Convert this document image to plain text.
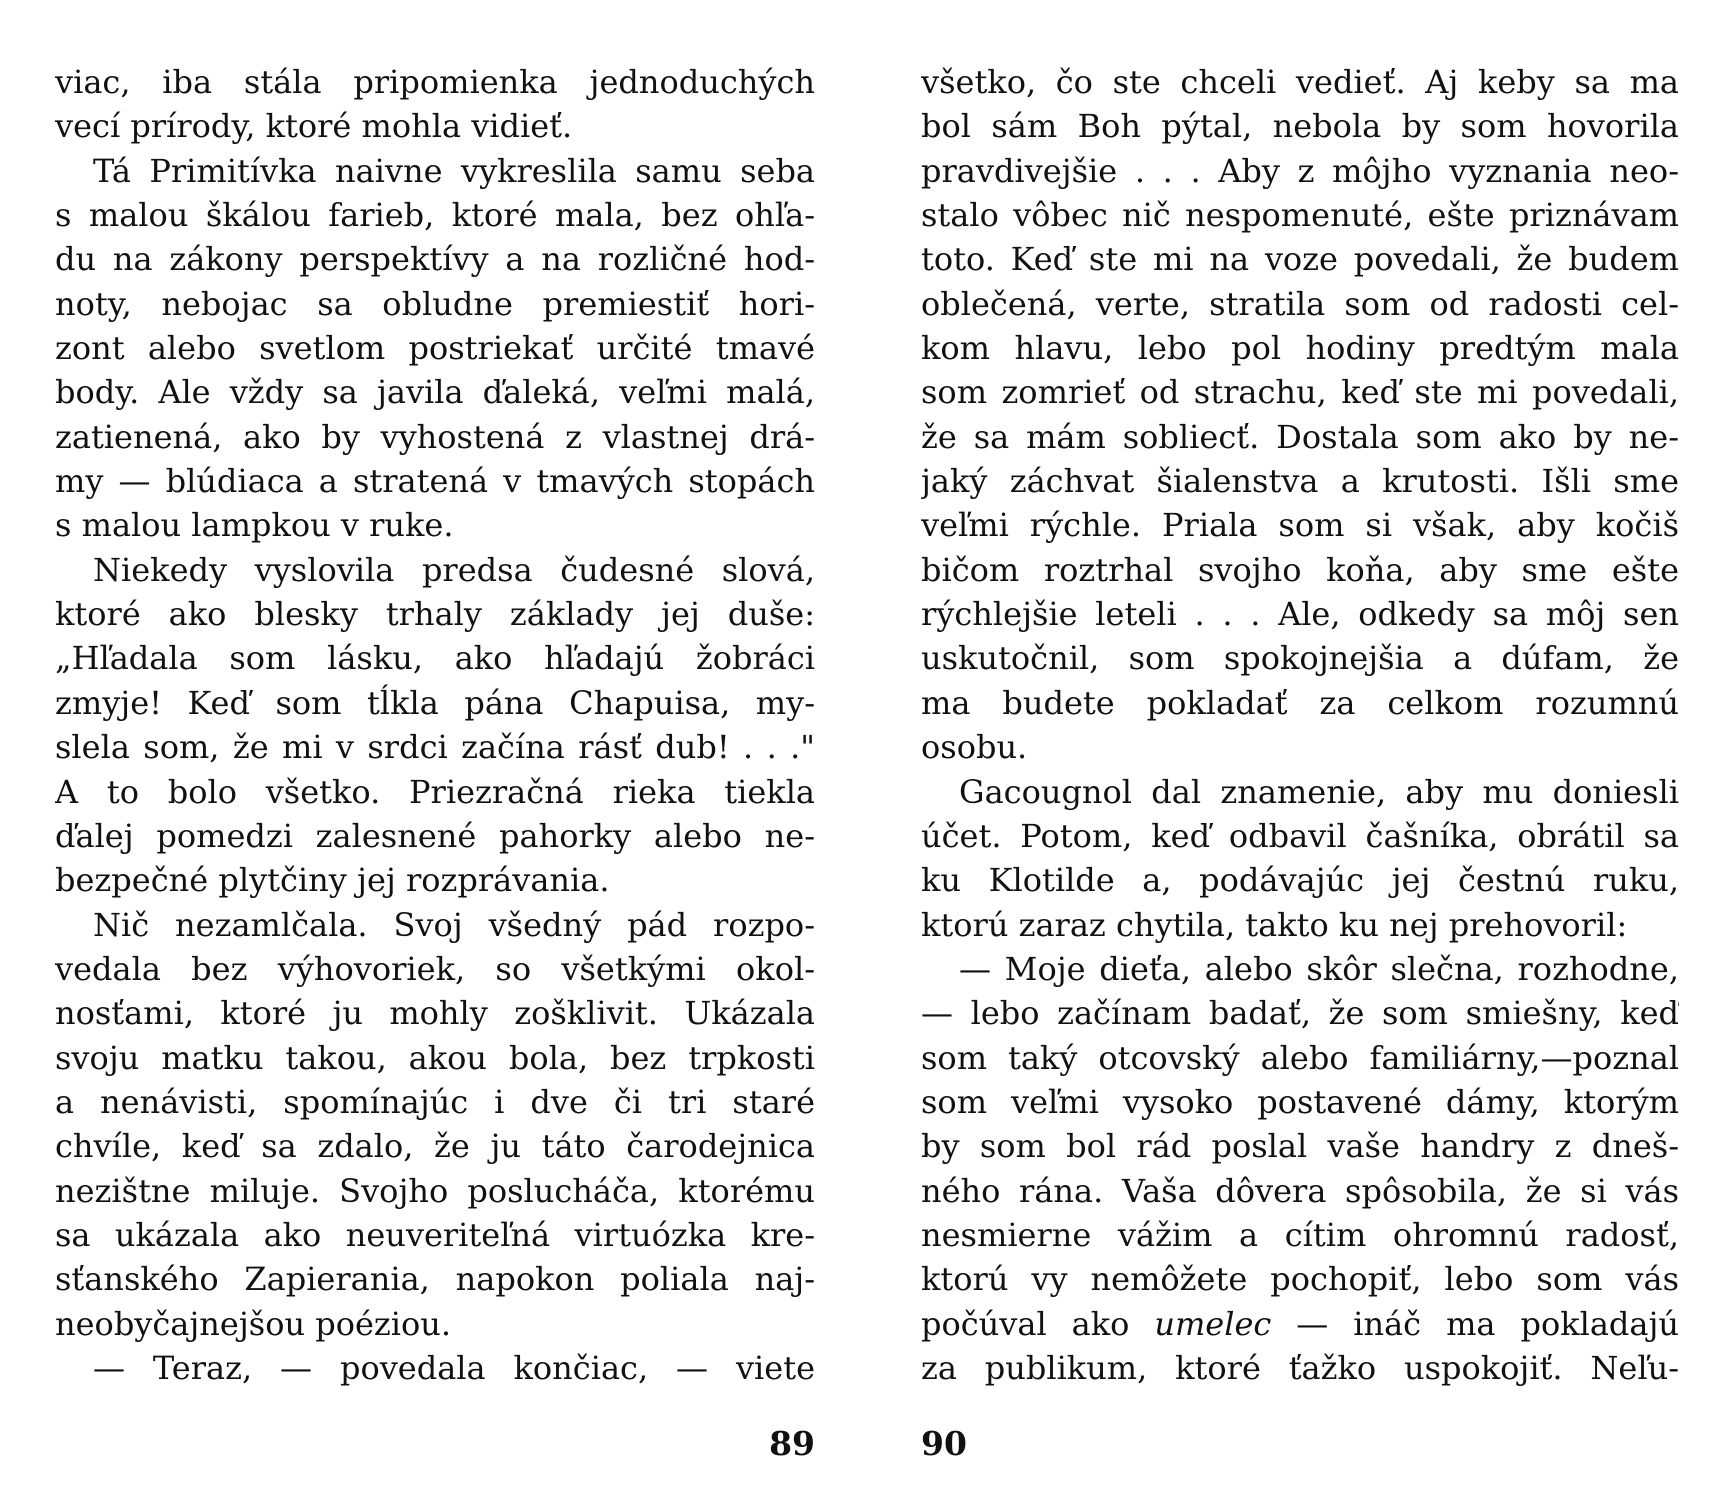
viac, iba stála pripomienka jednoduchých
vecí prírody, ktoré mohla vidieť.
Tá Primitívka naivne vykreslila samu seba
s malou škálou farieb, ktoré mala, bez ohľa-
du na zákony perspektívy a na rozličné hod-
noty, nebojac sa obludne premiestiť hori-
zont alebo svetlom postriekať určité tmavé
body. Ale vždy sa javila ďaleká, veľmi malá,
zatienená, ako by vyhostená z vlastnej drá-
my — blúdiaca a stratená v tmavých stopách
s malou lampkou v ruke.
Niekedy vyslovila predsa čudesné slová,
ktoré ako blesky trhaly základy jej duše:
„Hľadala som lásku, ako hľadajú žobráci
zmyje! Keď som tĺkla pána Chapuisa, my-
slela som, že mi v srdci začína rásť dub! . . ."
A to bolo všetko. Priezračná rieka tiekla
ďalej pomedzi zalesnené pahorky alebo ne-
bezpečné plytčiny jej rozprávania.
Nič nezamlčala. Svoj všedný pád rozpo-
vedala bez výhovoriek, so všetkými okol-
nosťami, ktoré ju mohly zošklivit. Ukázala
svoju matku takou, akou bola, bez trpkosti
a nenávisti, spomínajúc i dve či tri staré
chvíle, keď sa zdalo, že ju táto čarodejnica
nezištne miluje. Svojho poslucháča, ktorému
sa ukázala ako neuveriteľná virtuózka kre-
sťanského Zapierania, napokon poliala naj-
neobyčajnejšou poéziou.
— Teraz, — povedala končiac, — viete
89
všetko, čo ste chceli vedieť. Aj keby sa ma
bol sám Boh pýtal, nebola by som hovorila
pravdivejšie . . . Aby z môjho vyznania neo-
stalo vôbec nič nespomenuté, ešte priznávam
toto. Keď ste mi na voze povedali, že budem
oblečená, verte, stratila som od radosti cel-
kom hlavu, lebo pol hodiny predtým mala
som zomrieť od strachu, keď ste mi povedali,
že sa mám sobliecť. Dostala som ako by ne-
jaký záchvat šialenstva a krutosti. Išli sme
veľmi rýchle. Priala som si však, aby kočiš
bičom roztrhal svojho koňa, aby sme ešte
rýchlejšie leteli . . . Ale, odkedy sa môj sen
uskutočnil, som spokojnejšia a dúfam, že
ma budete pokladať za celkom rozumnú
osobu.
Gacougnol dal znamenie, aby mu doniesli
účet. Potom, keď odbavil čašníka, obrátil sa
ku Klotilde a, podávajúc jej čestnú ruku,
ktorú zaraz chytila, takto ku nej prehovoril:
— Moje dieťa, alebo skôr slečna, rozhodne,
— lebo začínam badať, že som smiešny, keď
som taký otcovský alebo familiárny,—poznal
som veľmi vysoko postavené dámy, ktorým
by som bol rád poslal vaše handry z dneš-
ného rána. Vaša dôvera spôsobila, že si vás
nesmierne vážim a cítim ohromnú radosť,
ktorú vy nemôžete pochopiť, lebo som vás
počúval ako umelec — ináč ma pokladajú
za publikum, ktoré ťažko uspokojiť. Neľu-
90
